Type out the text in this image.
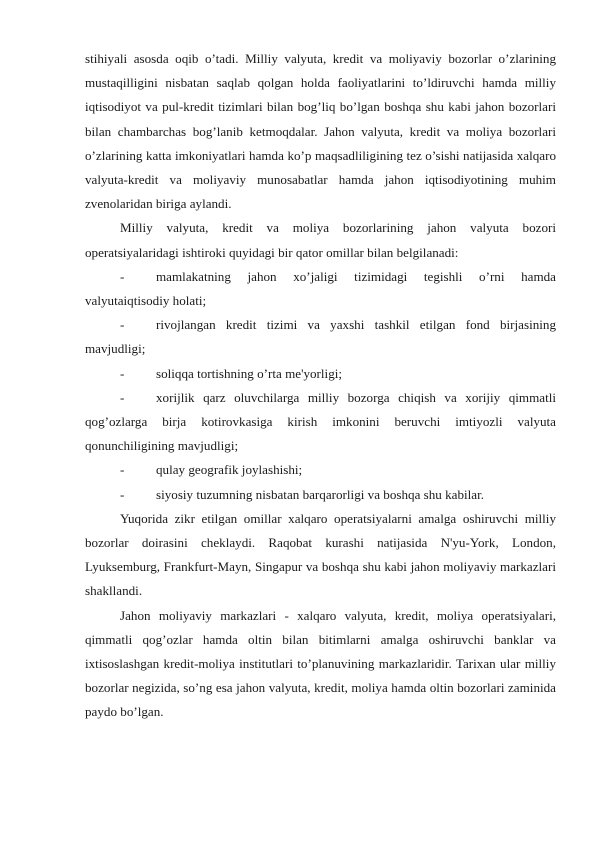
stihiyali asosda oqib o’tadi. Milliy valyuta, kredit va moliyaviy bozorlar o’zlarining mustaqilligini nisbatan saqlab qolgan holda faoliyatlarini to’ldiruvchi hamda milliy iqtisodiyot va pul-kredit tizimlari bilan bog’liq bo’lgan boshqa shu kabi jahon bozorlari bilan chambarchas bog’lanib ketmoqdalar. Jahon valyuta, kredit va moliya bozorlari o’zlarining katta imkoniyatlari hamda ko’p maqsadliligining tez o’sishi natijasida xalqaro valyuta-kredit va moliyaviy munosabatlar hamda jahon iqtisodiyotining muhim zvenolaridan biriga aylandi.

Milliy valyuta, kredit va moliya bozorlarining jahon valyuta bozori operatsiyalaridagi ishtiroki quyidagi bir qator omillar bilan belgilanadi:

- mamlakatning jahon xo’jaligi tizimidagi tegishli o’rni hamda valyutaiqtisodiy holati;

- rivojlangan kredit tizimi va yaxshi tashkil etilgan fond birjasining mavjudligi;

- soliqqa tortishning o’rta me'yorligi;

- xorijlik qarz oluvchilarga milliy bozorga chiqish va xorijiy qimmatli qog’ozlarga birja kotirovkasiga kirish imkonini beruvchi imtiyozli valyuta qonunchiligining mavjudligi;

- qulay geografik joylashishi;

- siyosiy tuzumning nisbatan barqarorligi va boshqa shu kabilar.

Yuqorida zikr etilgan omillar xalqaro operatsiyalarni amalga oshiruvchi milliy bozorlar doirasini cheklaydi. Raqobat kurashi natijasida N'yu-York, London, Lyuksemburg, Frankfurt-Mayn, Singapur va boshqa shu kabi jahon moliyaviy markazlari shakllandi.

Jahon moliyaviy markazlari - xalqaro valyuta, kredit, moliya operatsiyalari, qimmatli qog’ozlar hamda oltin bilan bitimlarni amalga oshiruvchi banklar va ixtisoslashgan kredit-moliya institutlari to’planuvining markazlaridir. Tarixan ular milliy bozorlar negizida, so’ng esa jahon valyuta, kredit, moliya hamda oltin bozorlari zaminida paydo bo’lgan.
